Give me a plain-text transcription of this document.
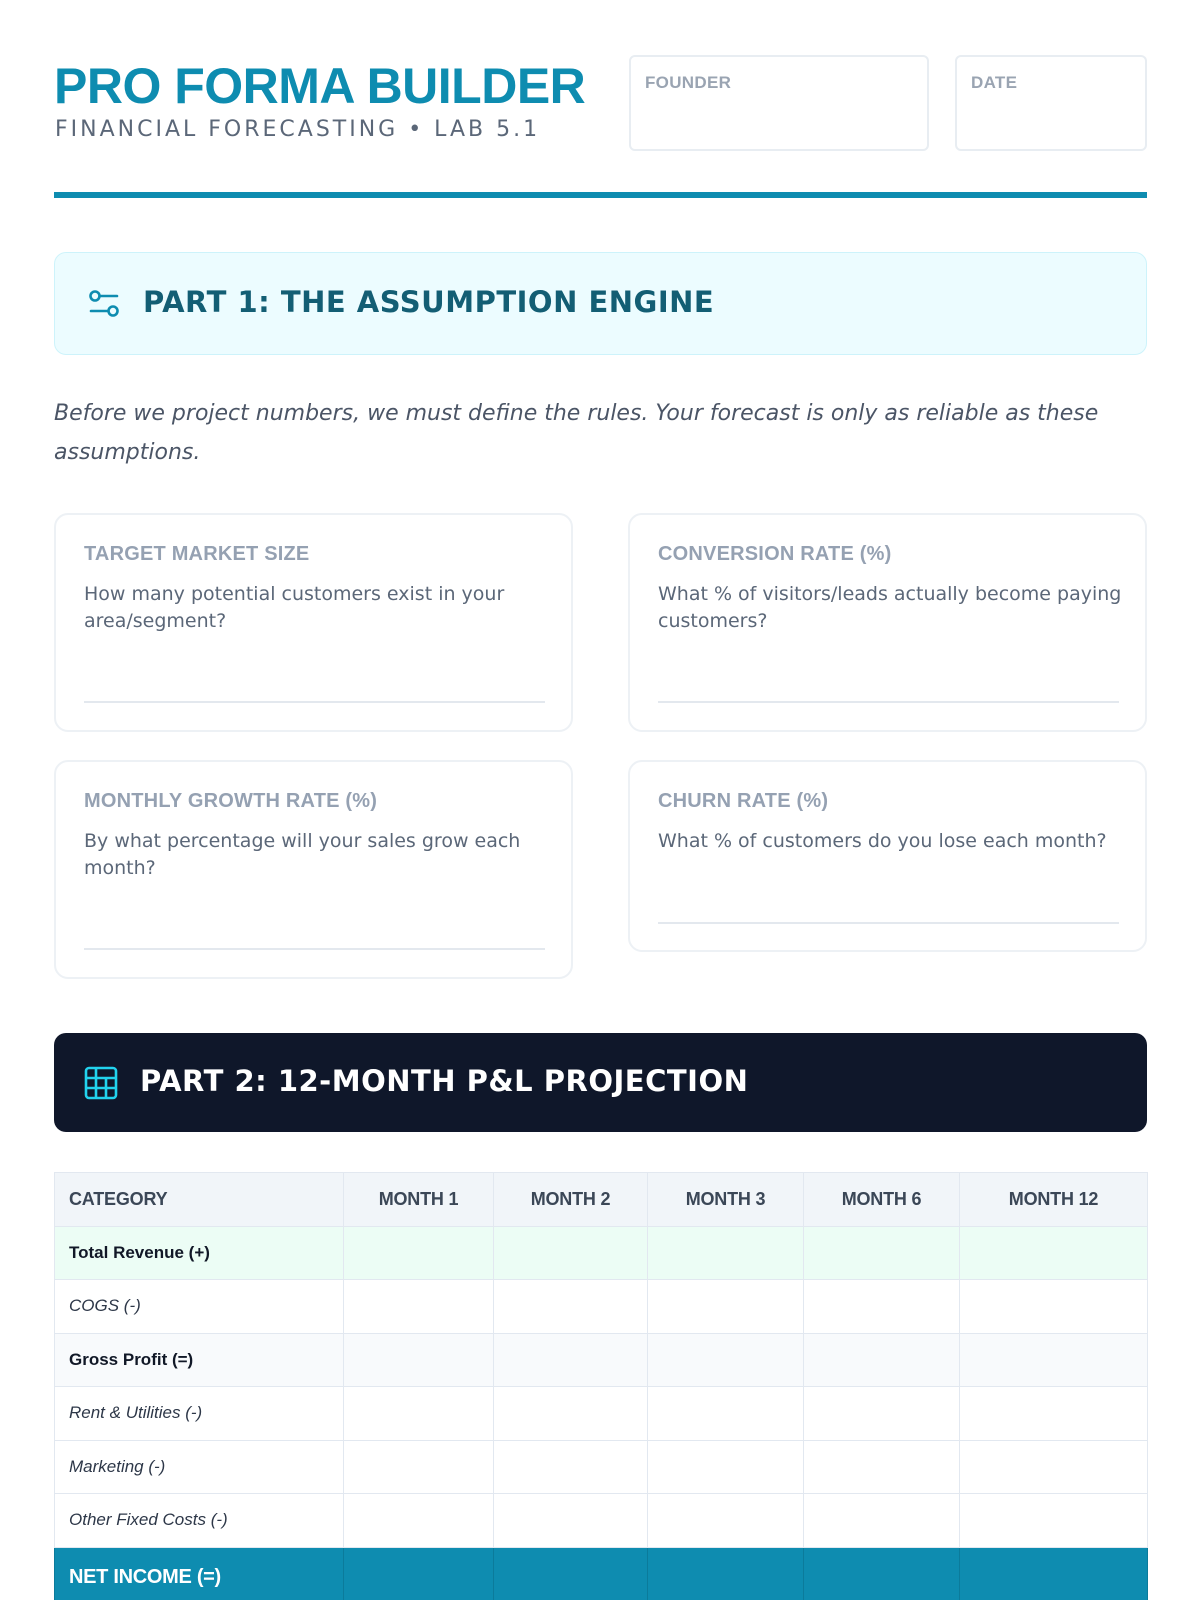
PRO FORMA BUILDER
FINANCIAL FORECASTING • LAB 5.1
FOUNDER	DATE
PART 1: THE ASSUMPTION ENGINE
Before we project numbers, we must define the rules. Your forecast is only as reliable as these assumptions.
TARGET MARKET SIZE
How many potential customers exist in your area/segment?
CONVERSION RATE (%)
What % of visitors/leads actually become paying customers?
MONTHLY GROWTH RATE (%)
By what percentage will your sales grow each month?
CHURN RATE (%)
What % of customers do you lose each month?
PART 2: 12-MONTH P&L PROJECTION
CATEGORY	MONTH 1	MONTH 2	MONTH 3	MONTH 6	MONTH 12
Total Revenue (+)					
COGS (-)					
Gross Profit (=)					
Rent & Utilities (-)					
Marketing (-)					
Other Fixed Costs (-)					
NET INCOME (=)					
